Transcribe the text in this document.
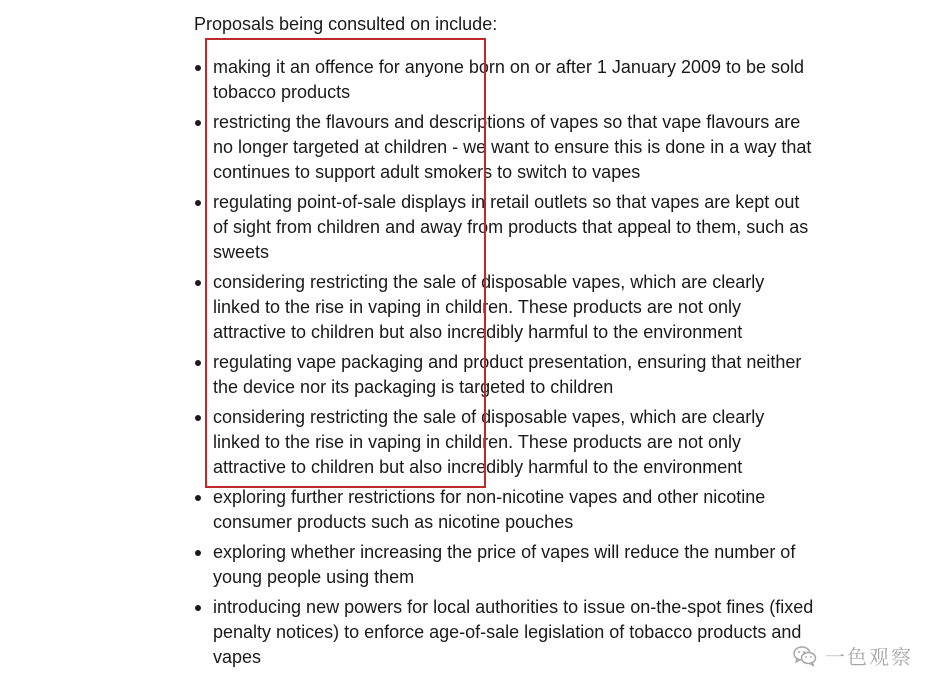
Proposals being consulted on include:

making it an offence for anyone born on or after 1 January 2009 to be sold tobacco products
restricting the flavours and descriptions of vapes so that vape flavours are no longer targeted at children - we want to ensure this is done in a way that continues to support adult smokers to switch to vapes
regulating point-of-sale displays in retail outlets so that vapes are kept out of sight from children and away from products that appeal to them, such as sweets
considering restricting the sale of disposable vapes, which are clearly linked to the rise in vaping in children. These products are not only attractive to children but also incredibly harmful to the environment
regulating vape packaging and product presentation, ensuring that neither the device nor its packaging is targeted to children
considering restricting the sale of disposable vapes, which are clearly linked to the rise in vaping in children. These products are not only attractive to children but also incredibly harmful to the environment
exploring further restrictions for non-nicotine vapes and other nicotine consumer products such as nicotine pouches
exploring whether increasing the price of vapes will reduce the number of young people using them
introducing new powers for local authorities to issue on-the-spot fines (fixed penalty notices) to enforce age-of-sale legislation of tobacco products and vapes	一色观察
